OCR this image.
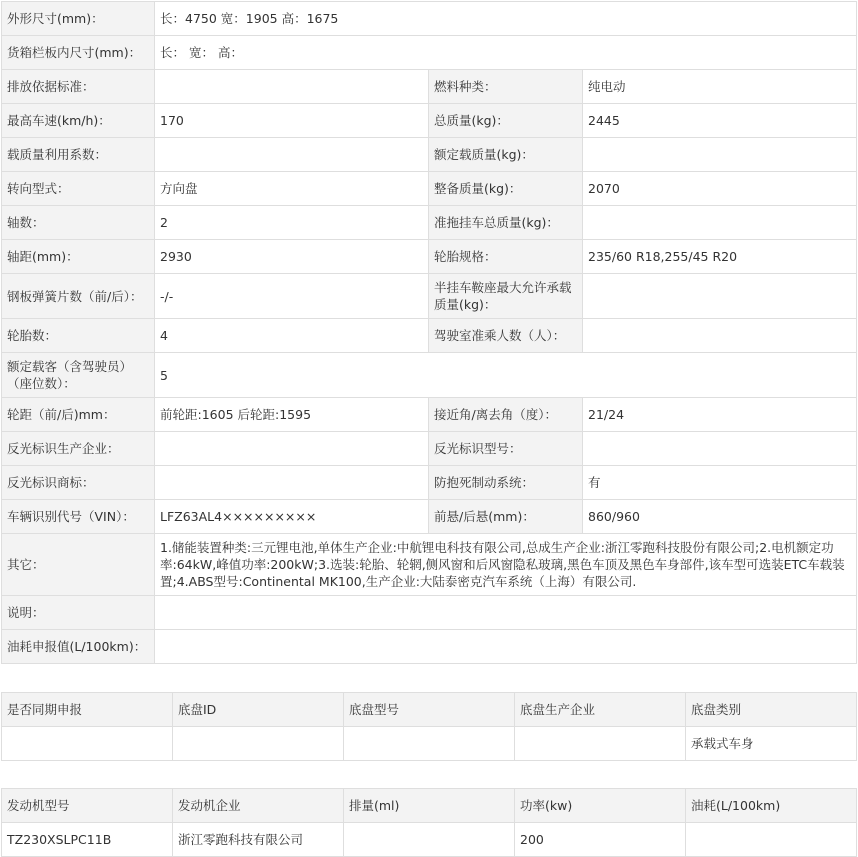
外形尺寸(mm)：	长：4750 宽：1905 高：1675		
货箱栏板内尺寸(mm)：	长： 宽： 高：		
排放依据标准：		燃料种类：	纯电动
最高车速(km/h)：	170	总质量(kg)：	2445
载质量利用系数：		额定载质量(kg)：	
转向型式：	方向盘	整备质量(kg)：	2070
轴数：	2	准拖挂车总质量(kg)：	
轴距(mm)：	2930	轮胎规格：	235/60 R18,255/45 R20
钢板弹簧片数（前/后）：	-/-	半挂车鞍座最大允许承载质量(kg)：	
轮胎数：	4	驾驶室准乘人数（人）：	
额定载客（含驾驶员）（座位数）：	5		
轮距（前/后)mm：	前轮距:1605 后轮距:1595	接近角/离去角（度）：	21/24
反光标识生产企业：		反光标识型号：	
反光标识商标：		防抱死制动系统：	有
车辆识别代号（VIN）：	LFZ63AL4×××××××××	前悬/后悬(mm)：	860/960
其它：	1.储能装置种类:三元锂电池,单体生产企业:中航锂电科技有限公司,总成生产企业:浙江零跑科技股份有限公司;2.电机额定功率:64kW,峰值功率:200kW;3.选装:轮胎、轮辋,侧风窗和后风窗隐私玻璃,黑色车顶及黑色车身部件,该车型可选装ETC车载装置;4.ABS型号:Continental MK100,生产企业:大陆泰密克汽车系统（上海）有限公司.		
说明：			
油耗申报值(L/100km)：			
是否同期申报	底盘ID	底盘型号	底盘生产企业	底盘类别
				承载式车身
发动机型号	发动机企业	排量(ml)	功率(kw)	油耗(L/100km)
TZ230XSLPC11B	浙江零跑科技有限公司		200	
